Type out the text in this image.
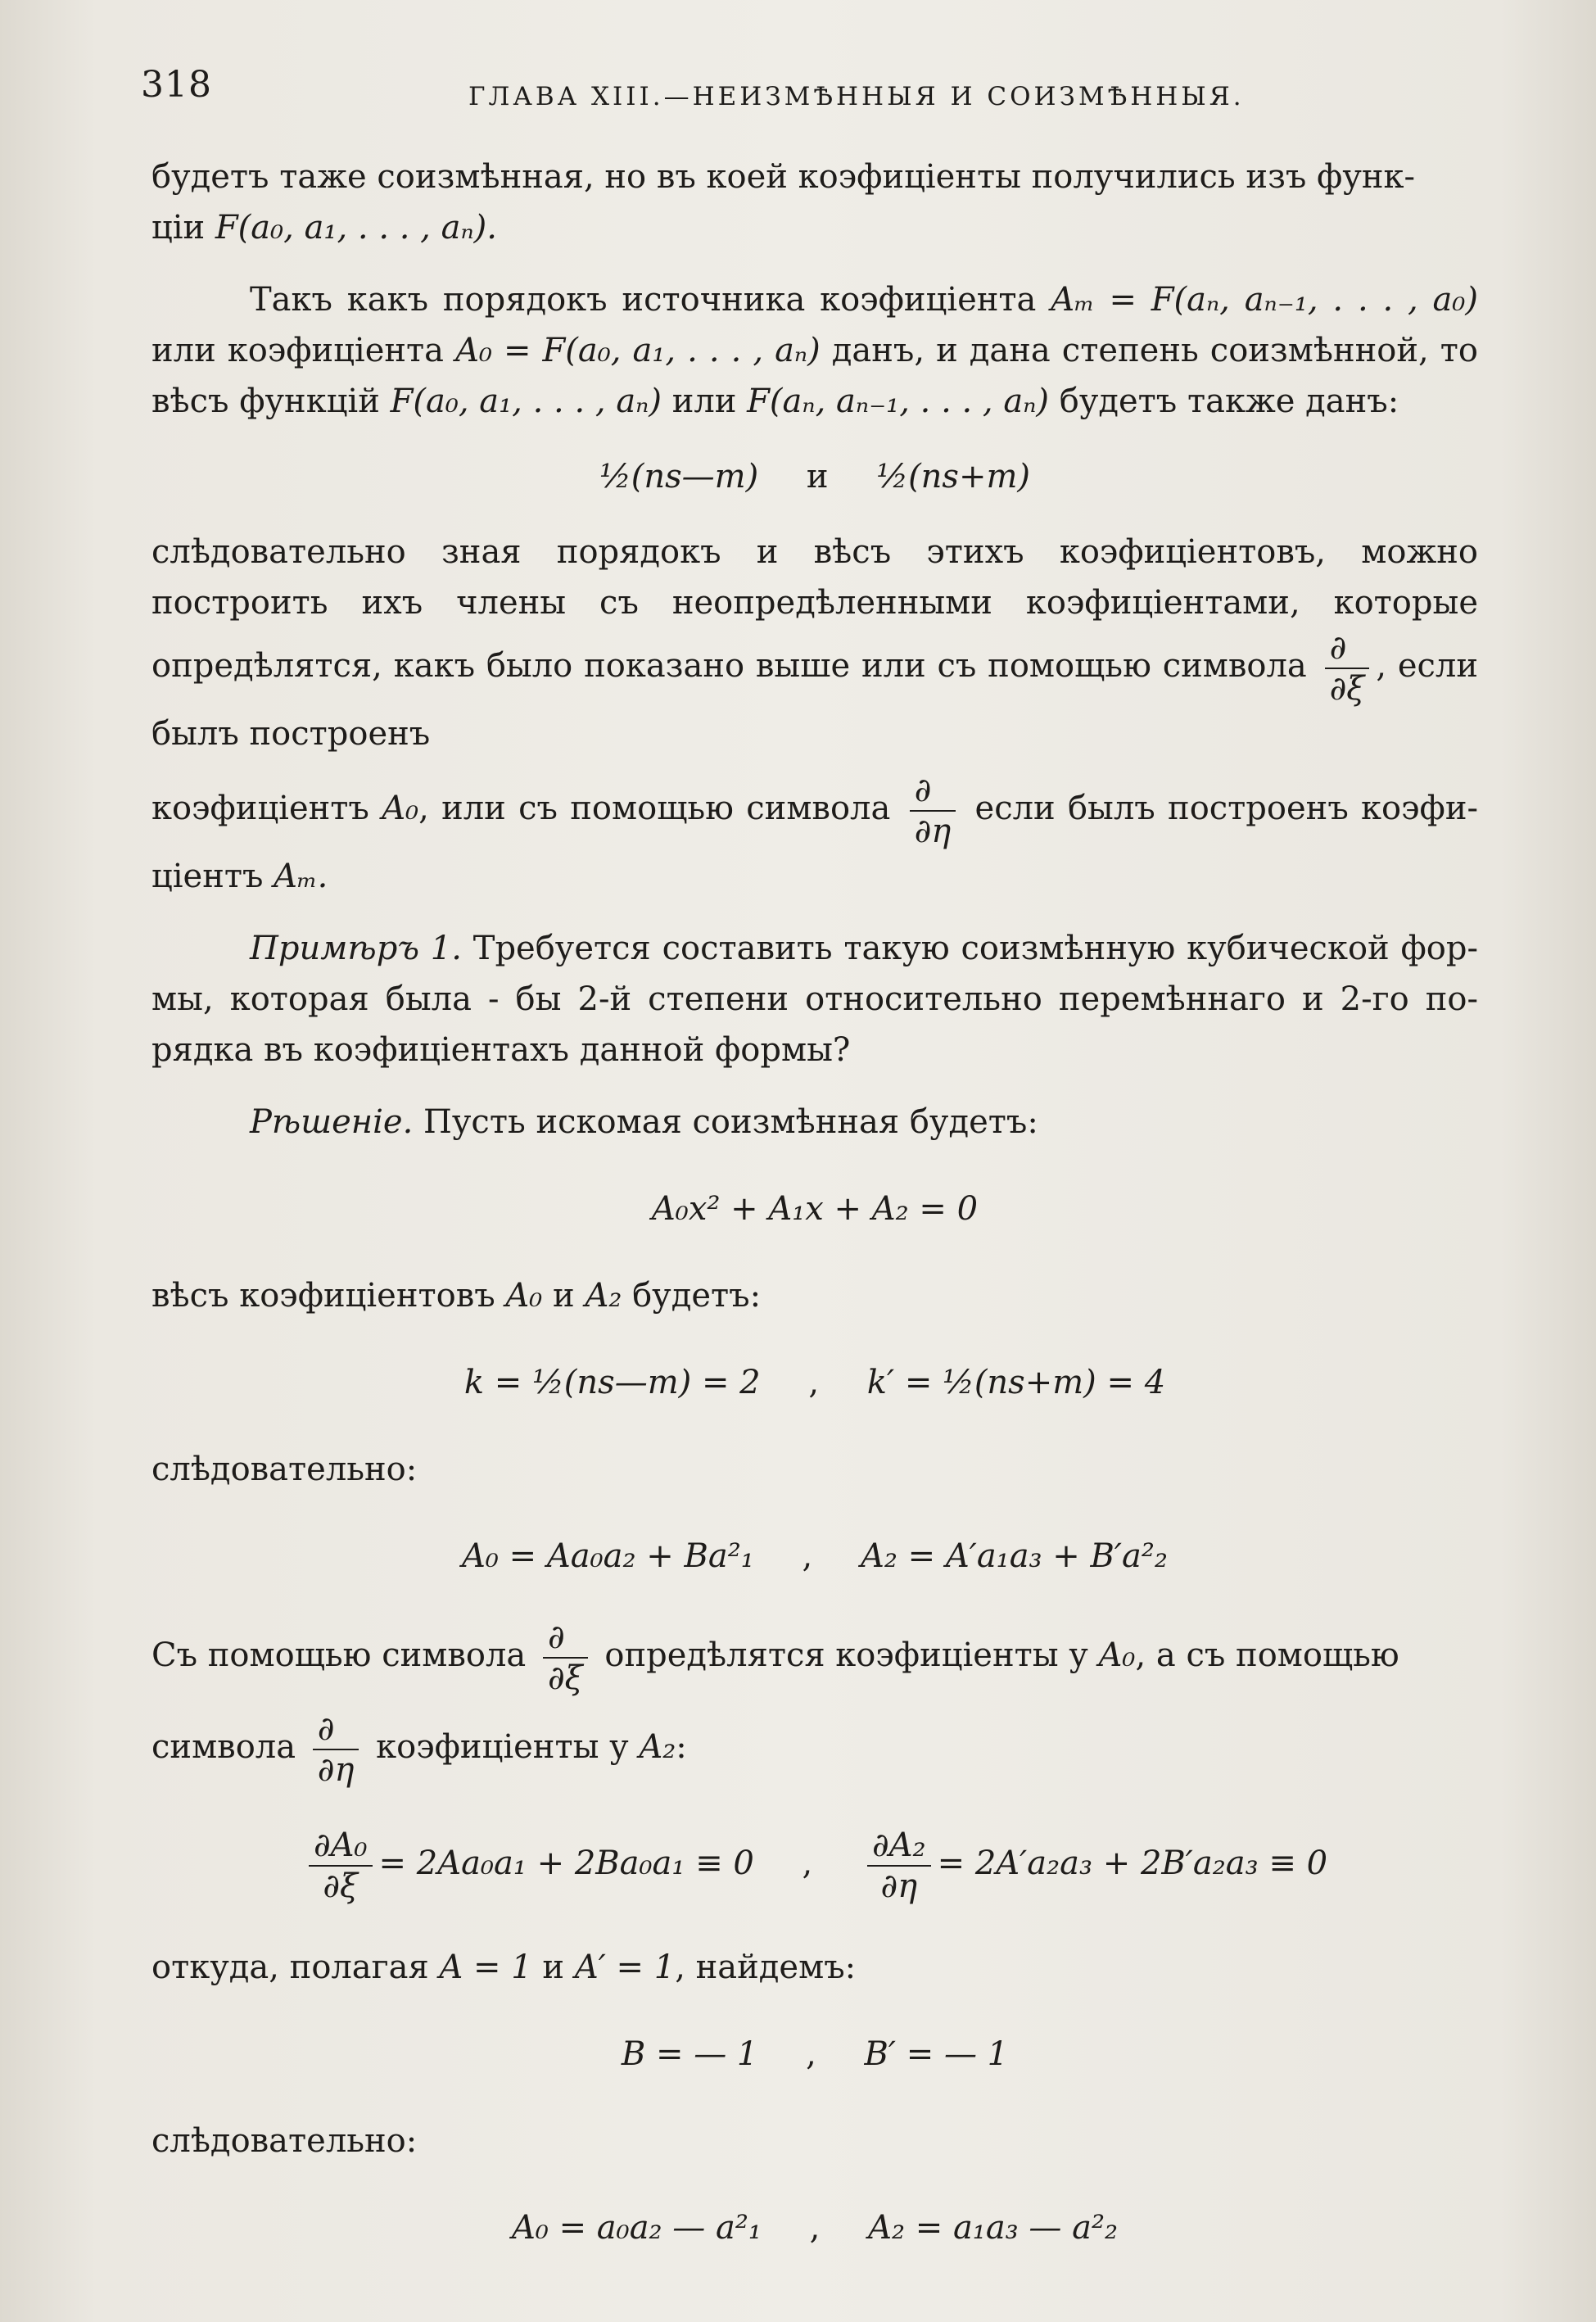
318	ГЛАВА XIII.—НЕИЗМѢННЫЯ И СОИЗМѢННЫЯ.

будетъ таже соизмѣнная, но въ коей коэфиціенты получились изъ функ-
ціи F(a₀, a₁, . . . , aₙ).

Такъ какъ порядокъ источника коэфиціента Aₘ = F(aₙ, aₙ₋₁, . . . , a₀) или коэфиціента A₀ = F(a₀, a₁, . . . , aₙ) данъ, и дана степень соизмѣнной, то вѣсъ функцій F(a₀, a₁, . . . , aₙ) или F(aₙ, aₙ₋₁, . . . , aₙ) будетъ также данъ:

½(ns—m) и ½(ns+m)

слѣдовательно зная порядокъ и вѣсъ этихъ коэфиціентовъ, можно построить ихъ члены съ неопредѣленными коэфиціентами, которые опредѣлятся, какъ было показано выше или съ помощью символа $\frac{\partial}{\partial\xi}$ , если былъ построенъ

коэфиціентъ A₀, или съ помощью символа $\frac{\partial}{\partial\eta}$ если былъ построенъ коэфи- ціентъ Aₘ.

Примѣръ 1. Требуется составить такую соизмѣнную кубической фор- мы, которая была - бы 2-й степени относительно перемѣннаго и 2-го по- рядка въ коэфиціентахъ данной формы?

Рѣшеніе. Пусть искомая соизмѣнная будетъ:

A₀x² + A₁x + A₂ = 0

вѣсъ коэфиціентовъ A₀ и A₂ будетъ:

k = ½(ns—m) = 2 , k′ = ½(ns+m) = 4

слѣдовательно:

A₀ = Aa₀a₂ + Ba²₁ , A₂ = A′a₁a₃ + B′a²₂

Съ помощью символа $\frac{\partial}{\partial\xi}$ опредѣлятся коэфиціенты у A₀, а съ помощью

символа $\frac{\partial}{\partial\eta}$ коэфиціенты у A₂:

$\frac{\text{∂A₀}}{\partial\xi} = 2Aa_0a_1 + 2Ba_0a_1 \equiv 0$ , $\frac{\text{∂A₂}}{\partial\eta} = 2A'a_2a_3 + 2B'a_2a_3 \equiv 0$

откуда, полагая A = 1 и A′ = 1, найдемъ:

B = — 1 , B′ = — 1

слѣдовательно:

A₀ = a₀a₂ — a²₁ , A₂ = a₁a₃ — a²₂
